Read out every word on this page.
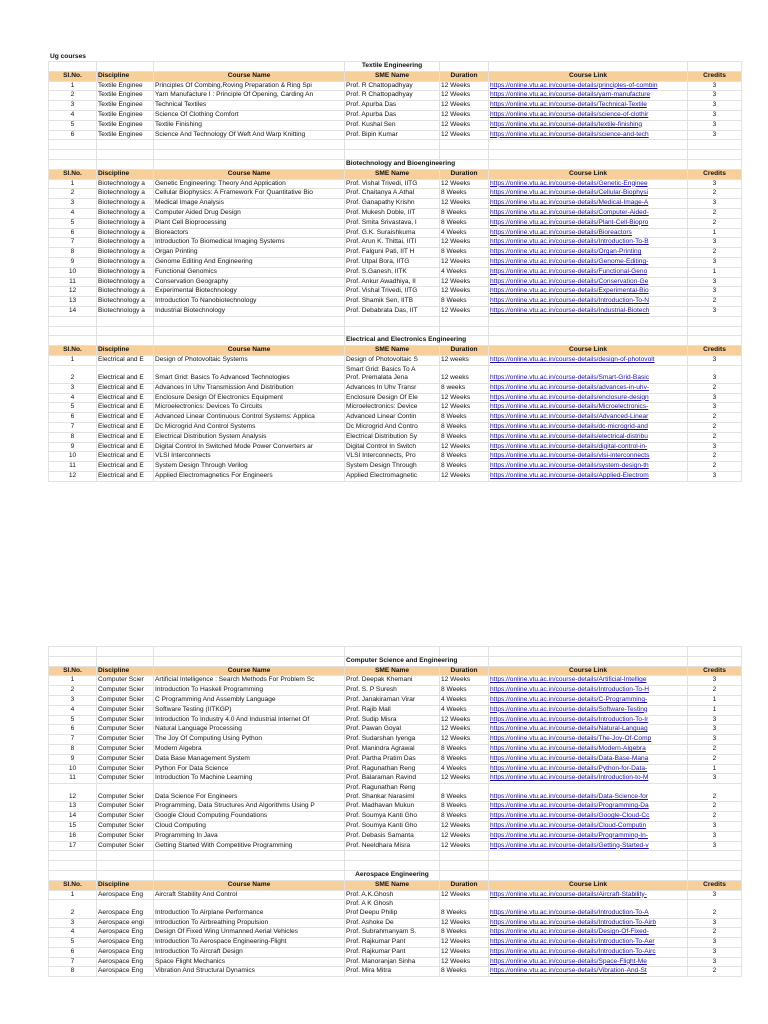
Ug courses
			Textile Engineering			
Sl.No.	Discipline	Course Name	SME Name	Duration	Course Link	Credits
1	Textile Enginee	Principles Of Combing,Roving Preparation & Ring Spi	Prof. R Chattopadhyay	12 Weeks	https://online.vtu.ac.in/course-details/principles-of-combin	3
2	Textile Enginee	Yarn Manufacture I : Principle Of Opening, Carding An	Prof. R Chattopadhyay	12 Weeks	https://online.vtu.ac.in/course-details/yarn-manufacture	3
3	Textile Enginee	Technical Textiles	Prof. Apurba Das	12 Weeks	https://online.vtu.ac.in/course-details/Technical-Textile	3
4	Textile Enginee	Science Of Clothing Comfort	Prof. Apurba Das	12 Weeks	https://online.vtu.ac.in/course-details/science-of-clothir	3
5	Textile Enginee	Textile Finishing	Prof. Kushal Sen	12 Weeks	https://online.vtu.ac.in/course-details/textile-finishing	3
6	Textile Enginee	Science And Technology Of Weft And Warp Knitting	Prof. Bipin Kumar	12 Weeks	https://online.vtu.ac.in/course-details/science-and-tech	3

			Biotechnology and Bioengineering			
Sl.No.	Discipline	Course Name	SME Name	Duration	Course Link	Credits
1	Biotechnology a	Genetic Engineering: Theory And Application	Prof. Vishal Trivedi, IITG	12 Weeks	https://online.vtu.ac.in/course-details/Genetic-Enginee	3
2	Biotechnology a	Cellular Biophysics: A Framework For Quantitative Bio	Prof. Chaitanya A.Athal	8 Weeks	https://online.vtu.ac.in/course-details/Cellular-Biophysi	2
3	Biotechnology a	Medical Image Analysis	Prof. Ganapathy Krishn	12 Weeks	https://online.vtu.ac.in/course-details/Medical-Image-A	3
4	Biotechnology a	Computer Aided Drug Design	Prof. Mukesh Doble, IIT	8 Weeks	https://online.vtu.ac.in/course-details/Computer-Aided-	2
5	Biotechnology a	Plant Cell Bioprocessing	Prof. Smita Srivastava, I	8 Weeks	https://online.vtu.ac.in/course-details/Plant-Cell-Biopro	2
6	Biotechnology a	Bioreactors	Prof. G.K. Suraishkuma	4 Weeks	https://online.vtu.ac.in/course-details/Bioreactors	1
7	Biotechnology a	Introduction To Biomedical Imaging Systems	Prof. Arun K. Thittai, IITI	12 Weeks	https://online.vtu.ac.in/course-details/Introduction-To-B	3
8	Biotechnology a	Organ Printing	Prof. Falguni Pati, IIT H	8 Weeks	https://online.vtu.ac.in/course-details/Organ-Printing	2
9	Biotechnology a	Genome Editing And Engineering	Prof. Utpal Bora, IITG	12 Weeks	https://online.vtu.ac.in/course-details/Genome-Editing-	3
10	Biotechnology a	Functional Genomics	Prof. S.Ganesh, IITK	4 Weeks	https://online.vtu.ac.in/course-details/Functional-Geno	1
11	Biotechnology a	Conservation Geography	Prof. Ankur Awadhiya, II	12 Weeks	https://online.vtu.ac.in/course-details/Conservation-Ge	3
12	Biotechnology a	Experimental Biotechnology	Prof. Vishal Trivedi, IITG	12 Weeks	https://online.vtu.ac.in/course-details/Experimental-Bio	3
13	Biotechnology a	Introduction To Nanobiotechnology	Prof. Shamik Sen, IITB	8 Weeks	https://online.vtu.ac.in/course-details/Introduction-To-N	2
14	Biotechnology a	Industrial Biotechnology	Prof. Debabrata Das, IIT	12 Weeks	https://online.vtu.ac.in/course-details/Industrial-Biotech	3

			Electrical and Electronics Engineering			
Sl.No.	Discipline	Course Name	SME Name	Duration	Course Link	Credits
1	Electrical and E	Design of Photovoltaic Systems	Design of Photovoltaic S	12 weeks	https://online.vtu.ac.in/course-details/design-of-photovolt	3
2	Electrical and E	Smart Grid: Basics To Advanced Technologies	Smart Grid: Basics To A
Prof. Premalata Jena	12 weeks	https://online.vtu.ac.in/course-details/Smart-Grid-Basic	3
3	Electrical and E	Advances In Uhv Transmission And Distribution	Advances In Uhv Transr	8 weeks	https://online.vtu.ac.in/course-details/advances-in-uhv-	2
4	Electrical and E	Enclosure Design Of Electronics Equipment	Enclosure Design Of Ele	12 Weeks	https://online.vtu.ac.in/course-details/enclosure-design	3
5	Electrical and E	Microelectronics: Devices To Circuits	Microelectronics: Device	12 Weeks	https://online.vtu.ac.in/course-details/Microelectronics-	3
6	Electrical and E	Advanced Linear Continuous Control Systems: Applica	Advanced Linear Contin	8 Weeks	https://online.vtu.ac.in/course-details/Advanced-Linear	2
7	Electrical and E	Dc Microgrid And Control Systems	Dc Microgrid And Contro	8 Weeks	https://online.vtu.ac.in/course-details/dc-microgrid-and	2
8	Electrical and E	Electrical Distribution System Analysis	Electrical Distribution Sy	8 Weeks	https://online.vtu.ac.in/course-details/electrical-distribu	2
9	Electrical and E	Digital Control In Switched Mode Power Converters ar	Digital Control In Switch	12 Weeks	https://online.vtu.ac.in/course-details/digital-control-in-	3
10	Electrical and E	VLSI Interconnects	VLSI Interconnects, Pro	8 Weeks	https://online.vtu.ac.in/course-details/vlsi-interconnects	2
11	Electrical and E	System Design Through Verilog	System Design Through	8 Weeks	https://online.vtu.ac.in/course-details/system-design-th	2
12	Electrical and E	Applied Electromagnetics For Engineers	Applied Electromagnetic	12 Weeks	https://online.vtu.ac.in/course-details/Applied-Electrom	3

			Computer Science and Engineering			
Sl.No.	Discipline	Course Name	SME Name	Duration	Course Link	Credits
1	Computer Scier	Artificial Intelligence : Search Methods For Problem Sc	Prof. Deepak Khemani	12 Weeks	https://online.vtu.ac.in/course-details/Artificial-Intellige	3
2	Computer Scier	Introduction To Haskell Programming	Prof. S. P Suresh	8 Weeks	https://online.vtu.ac.in/course-details/Introduction-To-H	2
3	Computer Scier	C Programming And Assembly Language	Prof. Janakiraman Virar	4 Weeks	https://online.vtu.ac.in/course-details/C-Programming-	1
4	Computer Scier	Software Testing (IITKGP)	Prof. Rajib Mall	4 Weeks	https://online.vtu.ac.in/course-details/Software-Testing	1
5	Computer Scier	Introduction To Industry 4.0 And Industrial Internet Of	Prof. Sudip Misra	12 Weeks	https://online.vtu.ac.in/course-details/Introduction-To-Ir	3
6	Computer Scier	Natural Language Processing	Prof. Pawan Goyal	12 Weeks	https://online.vtu.ac.in/course-details/Natural-Languag	3
7	Computer Scier	The Joy Of Computing Using Python	Prof. Sudarshan Iyenga	12 Weeks	https://online.vtu.ac.in/course-details/The-Joy-Of-Comp	3
8	Computer Scier	Modern Algebra	Prof. Manindra Agrawal	8 Weeks	https://online.vtu.ac.in/course-details/Modern-Algebra	2
9	Computer Scier	Data Base Management System	Prof. Partha Pratim Das	8 Weeks	https://online.vtu.ac.in/course-details/Data-Base-Mana	2
10	Computer Scier	Python For Data Science	Prof. Ragunathan Reng	4 Weeks	https://online.vtu.ac.in/course-details/Python-for-Data-	1
11	Computer Scier	Introduction To Machine Learning	Prof. Balaraman Ravind	12 Weeks	https://online.vtu.ac.in/course-details/Introduction-to-M	3
12	Computer Scier	Data Science For Engineers	Prof. Ragunathan Reng
Prof. Shankar Narasiml	8 Weeks	https://online.vtu.ac.in/course-details/Data-Science-for	2
13	Computer Scier	Programming, Data Structures And Algorithms Using P	Prof. Madhavan Mukun	8 Weeks	https://online.vtu.ac.in/course-details/Programming-Da	2
14	Computer Scier	Google Cloud Computing Foundations	Prof. Soumya Kanti Gho	8 Weeks	https://online.vtu.ac.in/course-details/Google-Cloud-Cc	2
15	Computer Scier	Cloud Computing	Prof. Soumya Kanti Gho	12 Weeks	https://online.vtu.ac.in/course-details/Cloud-Computin	3
16	Computer Scier	Programming In Java	Prof. Debasis Samanta	12 Weeks	https://online.vtu.ac.in/course-details/Programming-In-	3
17	Computer Scier	Getting Started With Competitive Programming	Prof. Neeldhara Misra	12 Weeks	https://online.vtu.ac.in/course-details/Getting-Started-v	3

			Aerospace Engineering			
Sl.No.	Discipline	Course Name	SME Name	Duration	Course Link	Credits
1	Aerospace Eng	Aircraft Stability And Control	Prof. A.K.Ghosh	12 Weeks	https://online.vtu.ac.in/course-details/Aircraft-Stability-	3
2	Aerospace Eng	Introduction To Airplane Performance	Prof. A K Ghosh
Prof Deepu Philip	8 Weeks	https://online.vtu.ac.in/course-details/Introduction-To-A	2
3	Aerospace engi	Introduction To Airbreathing Propulsion	Prof. Ashoke De	12 Weeks	https://online.vtu.ac.in/course-details/Introduction-To-Airb	3
4	Aerospace Eng	Design Of Fixed Wing Unmanned Aerial Vehicles	Prof. Subrahmanyam S.	8 Weeks	https://online.vtu.ac.in/course-details/Design-Of-Fixed-	2
5	Aerospace Eng	Introduction To Aerospace Engineering-Flight	Prof. Rajkumar Pant	12 Weeks	https://online.vtu.ac.in/course-details/Introduction-To-Aer	3
6	Aerospace Eng	Introduction To Aircraft Design	Prof. Rajkumar Pant	12 Weeks	https://online.vtu.ac.in/course-details/Introduction-To-Airc	3
7	Aerospace Eng	Space Flight Mechanics	Prof. Manoranjan Sinha	12 Weeks	https://online.vtu.ac.in/course-details/Space-Flight-Me	3
8	Aerospace Eng	Vibration And Structural Dynamics	Prof. Mira Mitra	8 Weeks	https://online.vtu.ac.in/course-details/Vibration-And-St	2
